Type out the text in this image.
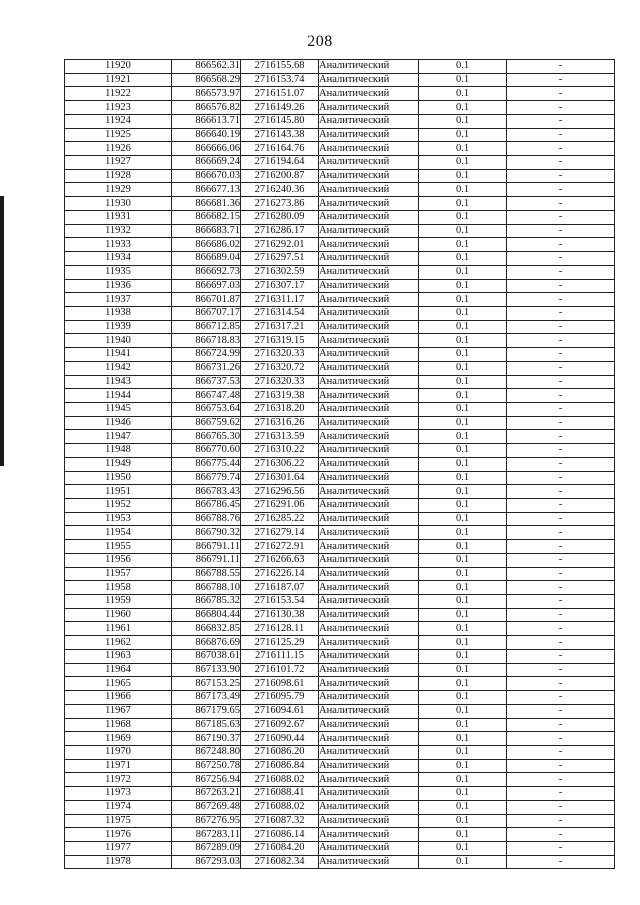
208
11920	866562.31	2716155.68	Аналитический	0.1	-
11921	866568.29	2716153.74	Аналитический	0.1	-
11922	866573.97	2716151.07	Аналитический	0.1	-
11923	866576.82	2716149.26	Аналитический	0.1	-
11924	866613.71	2716145.80	Аналитический	0.1	-
11925	866640.19	2716143.38	Аналитический	0.1	-
11926	866666.06	2716164.76	Аналитический	0.1	-
11927	866669.24	2716194.64	Аналитический	0.1	-
11928	866670.03	2716200.87	Аналитический	0.1	-
11929	866677.13	2716240.36	Аналитический	0.1	-
11930	866681.36	2716273.86	Аналитический	0.1	-
11931	866682.15	2716280.09	Аналитический	0.1	-
11932	866683.71	2716286.17	Аналитический	0.1	-
11933	866686.02	2716292.01	Аналитический	0.1	-
11934	866689.04	2716297.51	Аналитический	0.1	-
11935	866692.73	2716302.59	Аналитический	0.1	-
11936	866697.03	2716307.17	Аналитический	0.1	-
11937	866701.87	2716311.17	Аналитический	0.1	-
11938	866707.17	2716314.54	Аналитический	0.1	-
11939	866712.85	2716317.21	Аналитический	0.1	-
11940	866718.83	2716319.15	Аналитический	0.1	-
11941	866724.99	2716320.33	Аналитический	0.1	-
11942	866731.26	2716320.72	Аналитический	0.1	-
11943	866737.53	2716320.33	Аналитический	0.1	-
11944	866747.48	2716319.38	Аналитический	0.1	-
11945	866753.64	2716318.20	Аналитический	0.1	-
11946	866759.62	2716316.26	Аналитический	0.1	-
11947	866765.30	2716313.59	Аналитический	0.1	-
11948	866770.60	2716310.22	Аналитический	0.1	-
11949	866775.44	2716306.22	Аналитический	0.1	-
11950	866779.74	2716301.64	Аналитический	0.1	-
11951	866783.43	2716296.56	Аналитический	0.1	-
11952	866786.45	2716291.06	Аналитический	0.1	-
11953	866788.76	2716285.22	Аналитический	0.1	-
11954	866790.32	2716279.14	Аналитический	0.1	-
11955	866791.11	2716272.91	Аналитический	0.1	-
11956	866791.11	2716266.63	Аналитический	0.1	-
11957	866788.55	2716226.14	Аналитический	0.1	-
11958	866788.10	2716187.07	Аналитический	0.1	-
11959	866785.32	2716153.54	Аналитический	0.1	-
11960	866804.44	2716130.38	Аналитический	0.1	-
11961	866832.85	2716128.11	Аналитический	0.1	-
11962	866876.69	2716125.29	Аналитический	0.1	-
11963	867038.61	2716111.15	Аналитический	0.1	-
11964	867133.90	2716101.72	Аналитический	0.1	-
11965	867153.25	2716098.61	Аналитический	0.1	-
11966	867173.49	2716095.79	Аналитический	0.1	-
11967	867179.65	2716094.61	Аналитический	0.1	-
11968	867185.63	2716092.67	Аналитический	0.1	-
11969	867190.37	2716090.44	Аналитический	0.1	-
11970	867248.80	2716086.20	Аналитический	0.1	-
11971	867250.78	2716086.84	Аналитический	0.1	-
11972	867256.94	2716088.02	Аналитический	0.1	-
11973	867263.21	2716088.41	Аналитический	0.1	-
11974	867269.48	2716088.02	Аналитический	0.1	-
11975	867276.95	2716087.32	Аналитический	0.1	-
11976	867283.11	2716086.14	Аналитический	0.1	-
11977	867289.09	2716084.20	Аналитический	0.1	-
11978	867293.03	2716082.34	Аналитический	0.1	-
